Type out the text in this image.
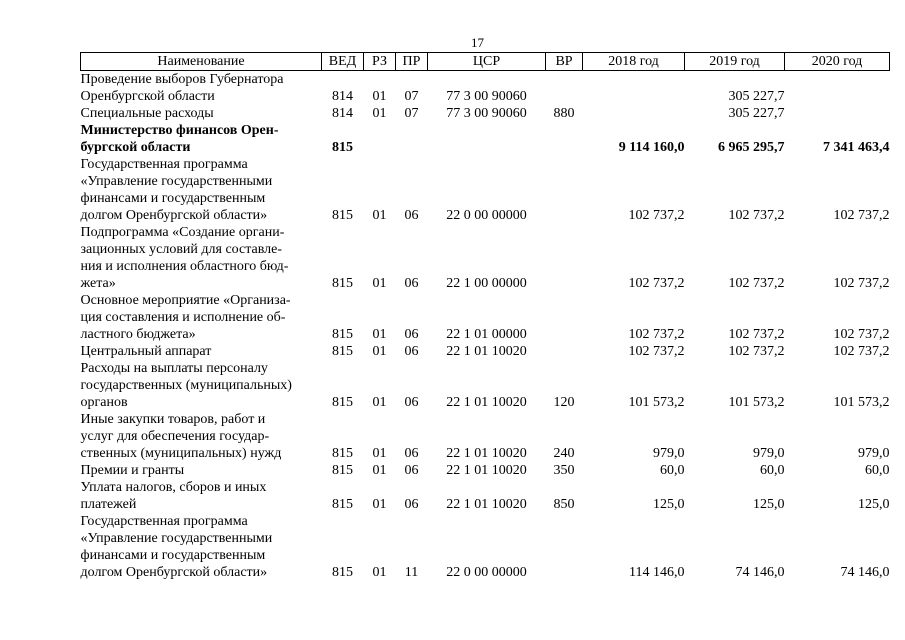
17
Наименование	ВЕД	РЗ	ПР	ЦСР	ВР	2018 год	2019 год	2020 год
Проведение выборов Губернатора
Оренбургской области	814	01	07	77 3 00 90060			305 227,7	
Специальные расходы	814	01	07	77 3 00 90060	880		305 227,7	
Министерство финансов Орен-
бургской области	815					9 114 160,0	6 965 295,7	7 341 463,4
Государственная программа
«Управление государственными
финансами и государственным
долгом Оренбургской области»	815	01	06	22 0 00 00000		102 737,2	102 737,2	102 737,2
Подпрограмма «Создание органи-
зационных условий для составле-
ния и исполнения областного бюд-
жета»	815	01	06	22 1 00 00000		102 737,2	102 737,2	102 737,2
Основное мероприятие «Организа-
ция составления и исполнение об-
ластного бюджета»	815	01	06	22 1 01 00000		102 737,2	102 737,2	102 737,2
Центральный аппарат	815	01	06	22 1 01 10020		102 737,2	102 737,2	102 737,2
Расходы на выплаты персоналу
государственных (муниципальных)
органов	815	01	06	22 1 01 10020	120	101 573,2	101 573,2	101 573,2
Иные закупки товаров, работ и
услуг для обеспечения государ-
ственных (муниципальных) нужд	815	01	06	22 1 01 10020	240	979,0	979,0	979,0
Премии и гранты	815	01	06	22 1 01 10020	350	60,0	60,0	60,0
Уплата налогов, сборов и иных
платежей	815	01	06	22 1 01 10020	850	125,0	125,0	125,0
Государственная программа
«Управление государственными
финансами и государственным
долгом Оренбургской области»	815	01	11	22 0 00 00000		114 146,0	74 146,0	74 146,0
